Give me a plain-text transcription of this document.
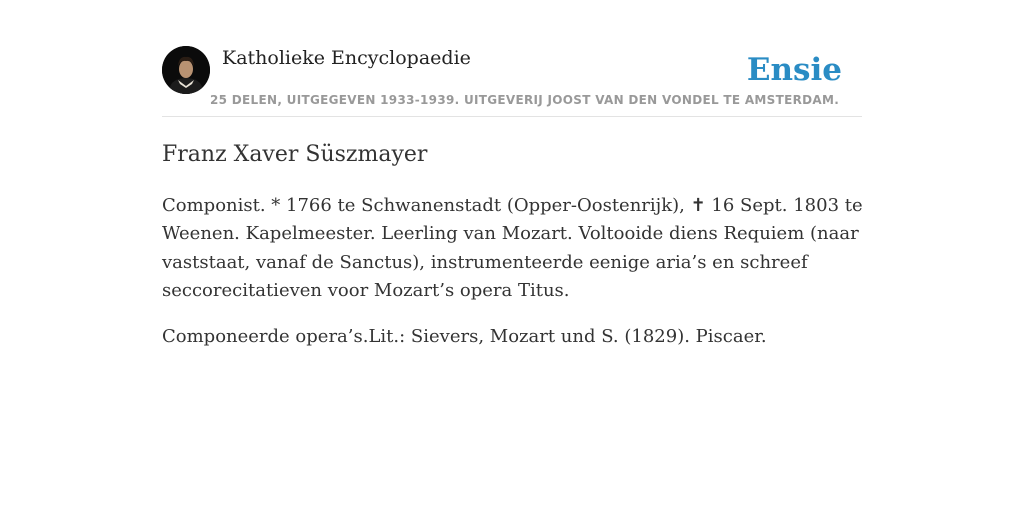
Katholieke Encyclopaedie
25 DELEN, UITGEGEVEN 1933-1939. UITGEVERIJ JOOST VAN DEN VONDEL TE AMSTERDAM.
Ensie
Franz Xaver Süszmayer

Componist. * 1766 te Schwanenstadt (Opper-Oostenrijk), ✝ 16 Sept. 1803 te
Weenen. Kapelmeester. Leerling van Mozart. Voltooide diens Requiem (naar
vaststaat, vanaf de Sanctus), instrumenteerde eenige aria’s en schreef
seccorecitatieven voor Mozart’s opera Titus.

Componeerde opera’s.Lit.: Sievers, Mozart und S. (1829). Piscaer.
